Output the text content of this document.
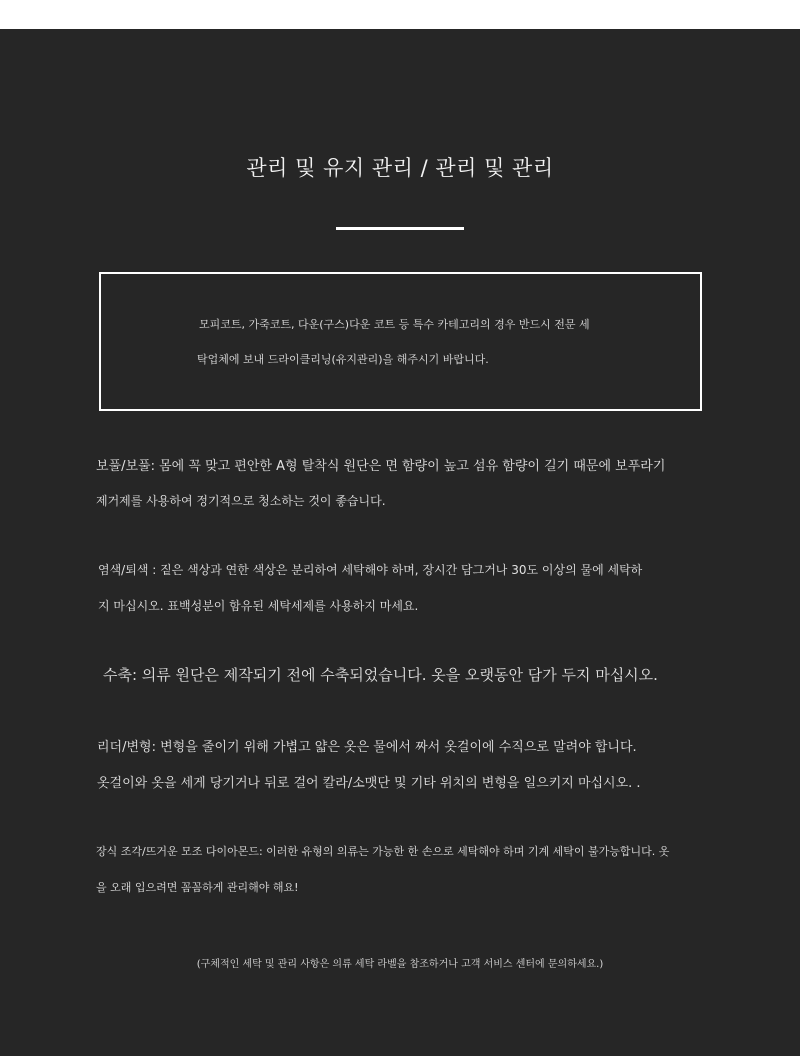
관리 및 유지 관리 / 관리 및 관리
모피코트, 가죽코트, 다운(구스)다운 코트 등 특수 카테고리의 경우 반드시 전문 세
탁업체에 보내 드라이클리닝(유지관리)을 해주시기 바랍니다.
보풀/보풀: 몸에 꼭 맞고 편안한 A형 탈착식 원단은 면 함량이 높고 섬유 함량이 길기 때문에 보푸라기
제거제를 사용하여 정기적으로 청소하는 것이 좋습니다.
염색/퇴색 : 짙은 색상과 연한 색상은 분리하여 세탁해야 하며, 장시간 담그거나 30도 이상의 물에 세탁하
지 마십시오. 표백성분이 함유된 세탁세제를 사용하지 마세요.
수축: 의류 원단은 제작되기 전에 수축되었습니다. 옷을 오랫동안 담가 두지 마십시오.
리더/변형: 변형을 줄이기 위해 가볍고 얇은 옷은 물에서 짜서 옷걸이에 수직으로 말려야 합니다.
옷걸이와 옷을 세게 당기거나 뒤로 걸어 칼라/소맷단 및 기타 위치의 변형을 일으키지 마십시오. .
장식 조각/뜨거운 모조 다이아몬드: 이러한 유형의 의류는 가능한 한 손으로 세탁해야 하며 기계 세탁이 불가능합니다. 옷
을 오래 입으려면 꼼꼼하게 관리해야 해요!
(구체적인 세탁 및 관리 사항은 의류 세탁 라벨을 참조하거나 고객 서비스 센터에 문의하세요.)
